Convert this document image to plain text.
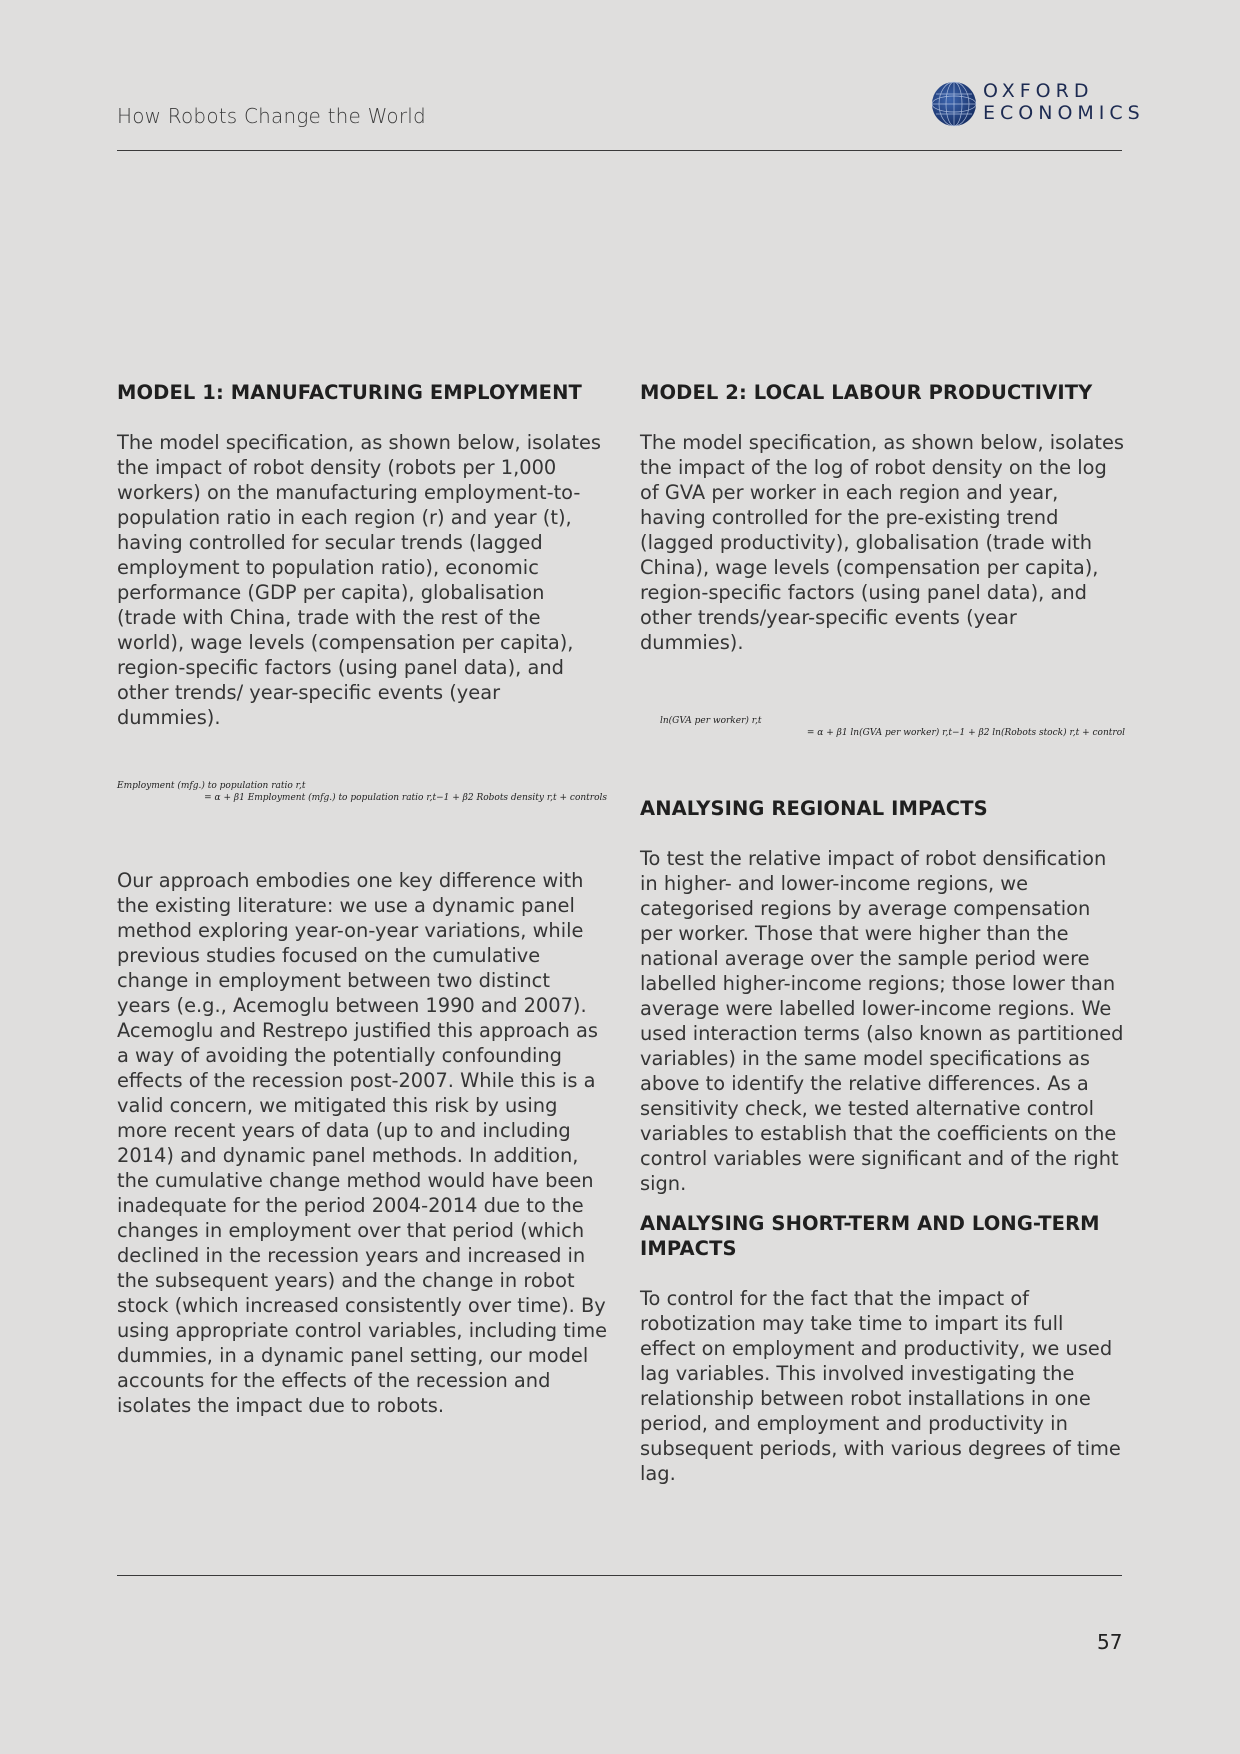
How Robots Change the World
OXFORD
ECONOMICS
MODEL 1: MANUFACTURING EMPLOYMENT

The model specification, as shown below, isolates the impact of robot density (robots per 1,000 workers) on the manufacturing employment-to-population ratio in each region (r) and year (t), having controlled for secular trends (lagged employment to population ratio), economic performance (GDP per capita), globalisation (trade with China, trade with the rest of the world), wage levels (compensation per capita), region-specific factors (using panel data), and other trends/ year-specific events (year dummies).

Employment (mfg.) to population ratio r,t
= α + β1 Employment (mfg.) to population ratio r,t−1 + β2 Robots density r,t + controls

Our approach embodies one key difference with the existing literature: we use a dynamic panel method exploring year-on-year variations, while previous studies focused on the cumulative change in employment between two distinct years (e.g., Acemoglu between 1990 and 2007). Acemoglu and Restrepo justified this approach as a way of avoiding the potentially confounding effects of the recession post-2007. While this is a valid concern, we mitigated this risk by using more recent years of data (up to and including 2014) and dynamic panel methods. In addition, the cumulative change method would have been inadequate for the period 2004-2014 due to the changes in employment over that period (which declined in the recession years and increased in the subsequent years) and the change in robot stock (which increased consistently over time). By using appropriate control variables, including time dummies, in a dynamic panel setting, our model accounts for the effects of the recession and isolates the impact due to robots.

MODEL 2: LOCAL LABOUR PRODUCTIVITY

The model specification, as shown below, isolates the impact of the log of robot density on the log of GVA per worker in each region and year, having controlled for the pre-existing trend (lagged productivity), globalisation (trade with China), wage levels (compensation per capita), region-specific factors (using panel data), and other trends/year-specific events (year dummies).

ln(GVA per worker) r,t
= α + β1 ln(GVA per worker) r,t−1 + β2 ln(Robots stock) r,t + control
ANALYSING REGIONAL IMPACTS

To test the relative impact of robot densification in higher- and lower-income regions, we categorised regions by average compensation per worker. Those that were higher than the national average over the sample period were labelled higher-income regions; those lower than average were labelled lower-income regions. We used interaction terms (also known as partitioned variables) in the same model specifications as above to identify the relative differences. As a sensitivity check, we tested alternative control variables to establish that the coefficients on the control variables were significant and of the right sign.

ANALYSING SHORT-TERM AND LONG-TERM IMPACTS

To control for the fact that the impact of robotization may take time to impart its full effect on employment and productivity, we used lag variables. This involved investigating the relationship between robot installations in one period, and employment and productivity in subsequent periods, with various degrees of time lag.

57
